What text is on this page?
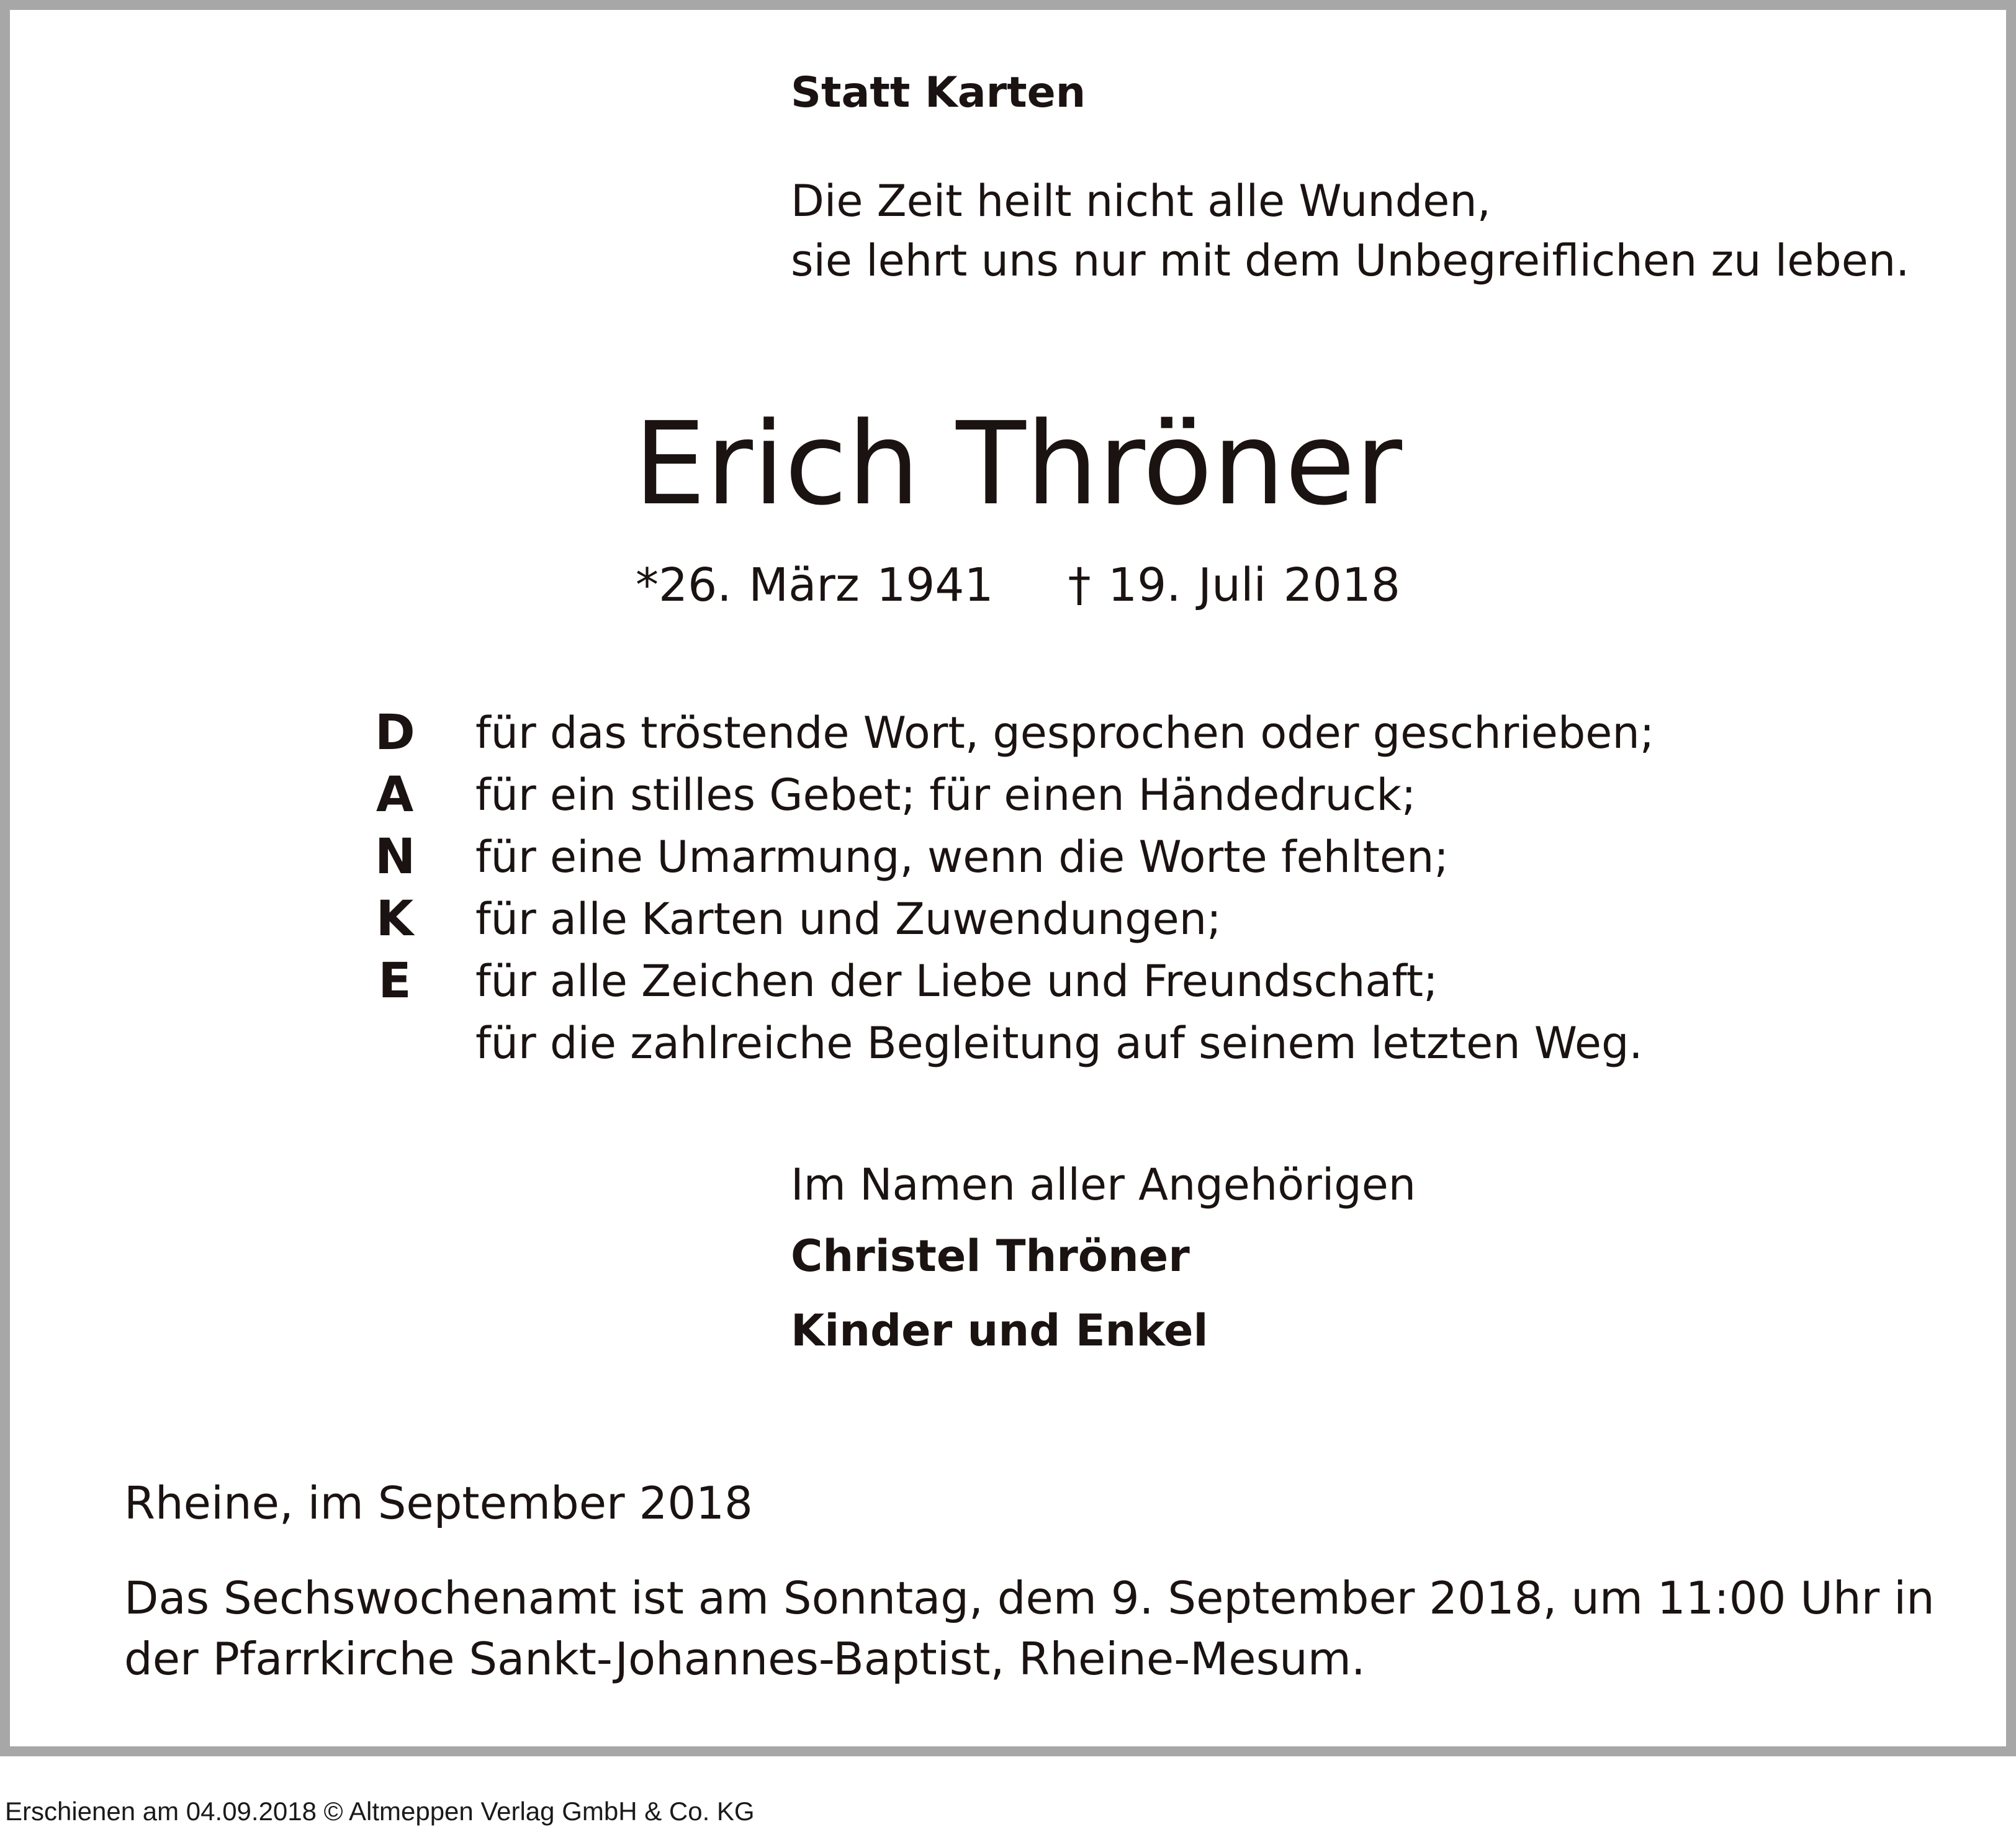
Statt Karten
Die Zeit heilt nicht alle Wunden,
sie lehrt uns nur mit dem Unbegreiflichen zu leben.
Erich Thröner
*26. März 1941 † 19. Juli 2018
D
A
N
K
E
für das tröstende Wort, gesprochen oder geschrieben;
für ein stilles Gebet; für einen Händedruck;
für eine Umarmung, wenn die Worte fehlten;
für alle Karten und Zuwendungen;
für alle Zeichen der Liebe und Freundschaft;
für die zahlreiche Begleitung auf seinem letzten Weg.
Im Namen aller Angehörigen
Christel Thröner
Kinder und Enkel
Rheine, im September 2018
Das Sechswochenamt ist am Sonntag, dem 9. September 2018, um 11:00 Uhr in
der Pfarrkirche Sankt-Johannes-Baptist, Rheine-Mesum.
Erschienen am 04.09.2018 © Altmeppen Verlag GmbH & Co. KG
